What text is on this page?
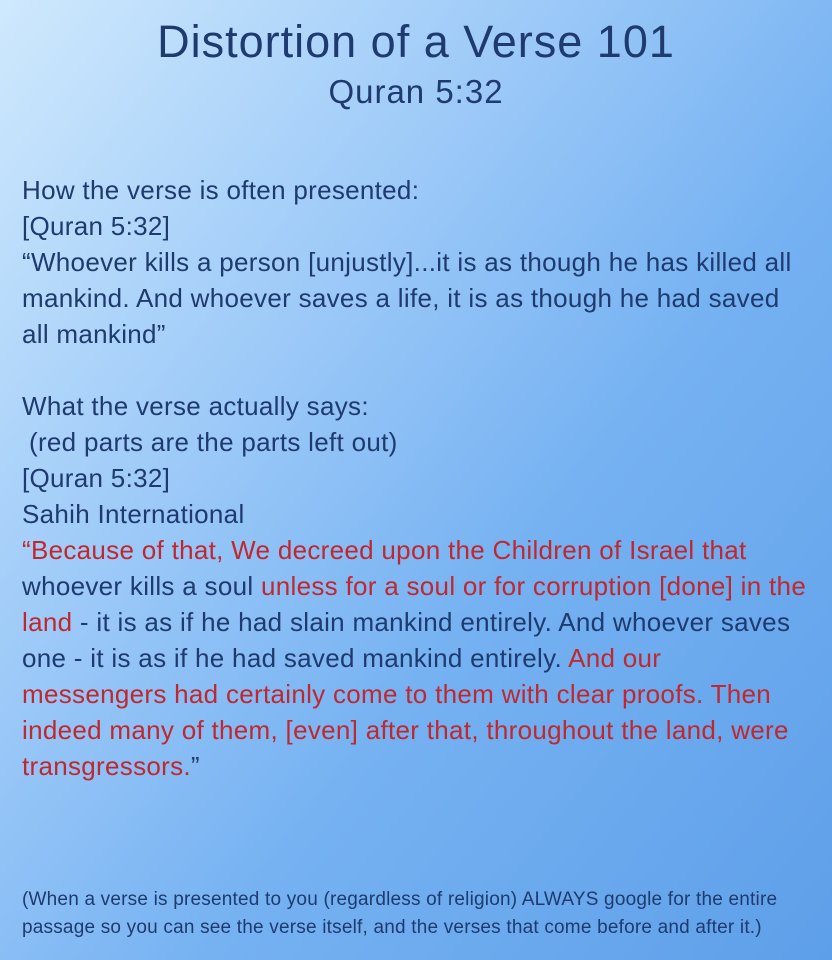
Distortion of a Verse 101
Quran 5:32

How the verse is often presented:

[Quran 5:32]

“Whoever kills a person [unjustly]...it is as though he has killed all mankind. And whoever saves a life, it is as though he had saved all mankind”

What the verse actually says:

(red parts are the parts left out)

[Quran 5:32]

Sahih International

“Because of that, We decreed upon the Children of Israel that whoever kills a soul unless for a soul or for corruption [done] in the land - it is as if he had slain mankind entirely. And whoever saves one - it is as if he had saved mankind entirely. And our messengers had certainly come to them with clear proofs. Then indeed many of them, [even] after that, throughout the land, were transgressors.”

(When a verse is presented to you (regardless of religion) ALWAYS google for the entire passage so you can see the verse itself, and the verses that come before and after it.)
